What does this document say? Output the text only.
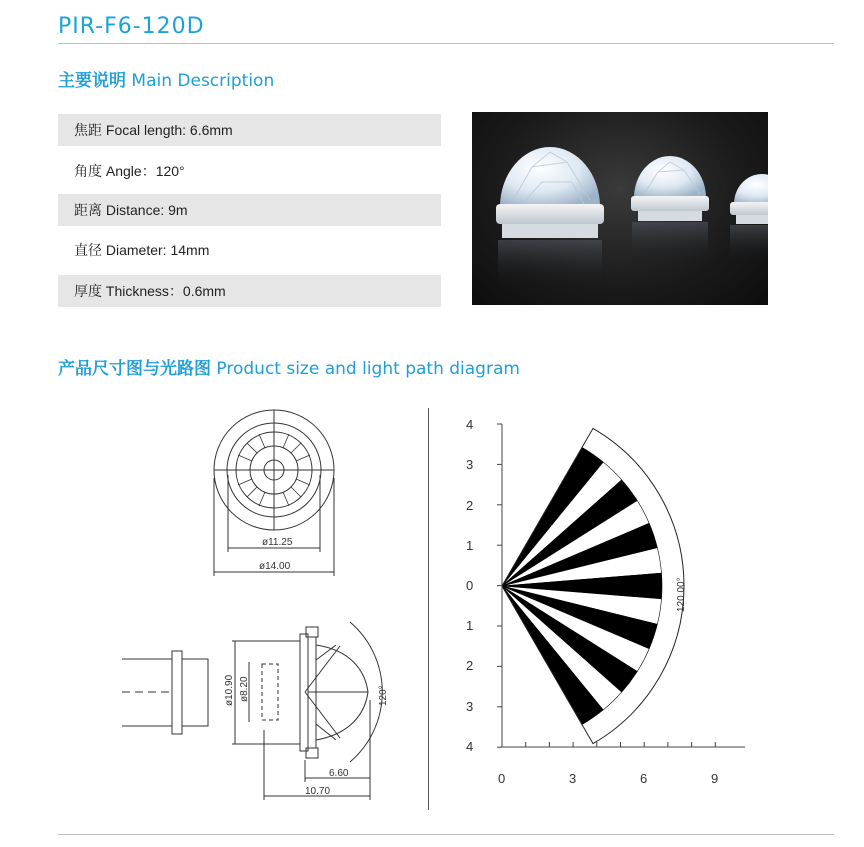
PIR-F6-120D
主要说明 Main Description
焦距 Focal length: 6.6mm
角度 Angle：120°
距离 Distance: 9m
直径 Diameter: 14mm
厚度 Thickness：0.6mm
产品尺寸图与光路图 Product size and light path diagram
ø11.25
ø14.00
ø10.90 ø8.20	120°
6.60
10.70
4
3
2
1
0
1
2
3
4
0	3	6	9
120.00°
